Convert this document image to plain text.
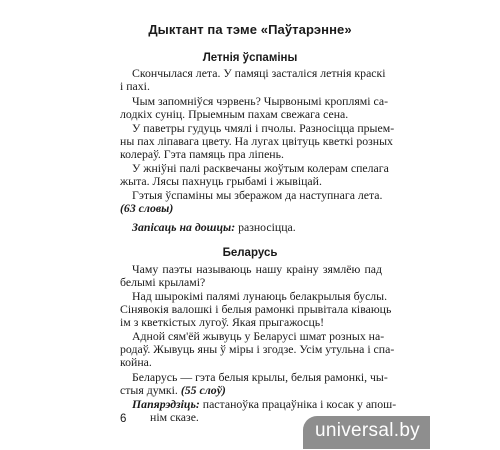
Дыктант па тэме «Паўтарэнне»
Летнія ўспаміны
Скончылася лета. У памяці засталіся летнія краскі
і пахі.
Чым запомніўся чэрвень? Чырвонымі кроплямі са-
лодкіх суніц. Прыемным пахам свежага сена.
У паветры гудуць чмялі і пчолы. Разносіцца прыем-
ны пах ліпавага цвету. На лугах цвітуць кветкі розных
колераў. Гэта памяць пра ліпень.
У жніўні палі расквечаны жоўтым колерам спелага
жыта. Лясы пахнуць грыбамі і жывіцай.
Гэтыя ўспаміны мы зберажом да наступнага лета.
(63 словы)
Запісаць на дошцы: разносіцца.
Беларусь
Чаму паэты называюць нашу краіну зямлёю пад
белымі крыламі?
Над шырокімі палямі лунаюць белакрылыя буслы.
Сінявокія валошкі і белыя рамонкі прывітала ківаюць
ім з кветкістых лугоў. Якая прыгажосць!
Адной сям'ёй жывуць у Беларусі шмат розных на-
родаў. Жывуць яны ў міры і згодзе. Усім утульна і спа-
койна.
Беларусь — гэта белыя крылы, белыя рамонкі, чы-
стыя думкі. (55 слоў)
Папярэдзіць: пастаноўка працаўніка і косак у апош-
нім сказе.
6
universal.by
